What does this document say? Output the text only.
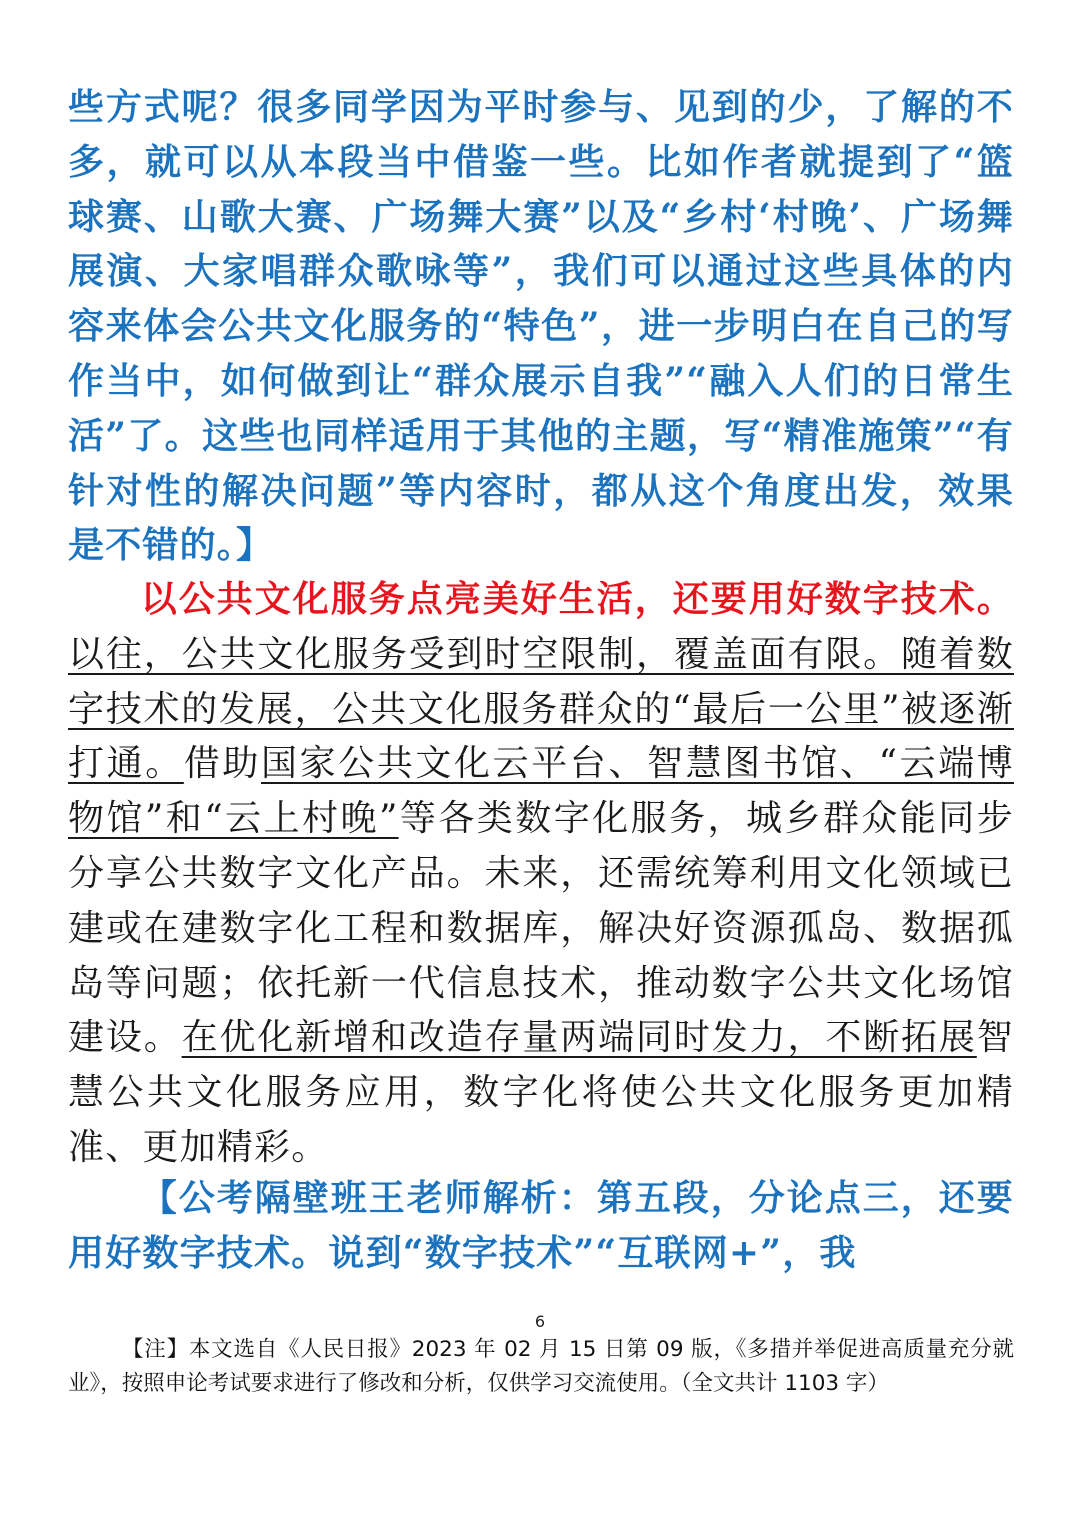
些方式呢？很多同学因为平时参与、见到的少，了解的不多，就可以从本段当中借鉴一些。比如作者就提到了“篮球赛、山歌大赛、广场舞大赛”以及“乡村‘村晚’、广场舞展演、大家唱群众歌咏等”，我们可以通过这些具体的内容来体会公共文化服务的“特色”，进一步明白在自己的写作当中，如何做到让“群众展示自我”“融入人们的日常生活”了。这些也同样适用于其他的主题，写“精准施策”“有针对性的解决问题”等内容时，都从这个角度出发，效果是不错的。】

以公共文化服务点亮美好生活，还要用好数字技术。以往，公共文化服务受到时空限制，覆盖面有限。随着数字技术的发展，公共文化服务群众的“最后一公里”被逐渐打通。借助国家公共文化云平台、智慧图书馆、“云端博物馆”和“云上村晚”等各类数字化服务，城乡群众能同步分享公共数字文化产品。未来，还需统筹利用文化领域已建或在建数字化工程和数据库，解决好资源孤岛、数据孤岛等问题；依托新一代信息技术，推动数字公共文化场馆建设。在优化新增和改造存量两端同时发力，不断拓展智慧公共文化服务应用，数字化将使公共文化服务更加精准、更加精彩。

【公考隔壁班王老师解析：第五段，分论点三，还要用好数字技术。说到“数字技术”“互联网+”，我

6

【注】本文选自《人民日报》2023 年 02 月 15 日第 09 版，《多措并举促进高质量充分就业》，按照申论考试要求进行了修改和分析，仅供学习交流使用。（全文共计 1103 字）
